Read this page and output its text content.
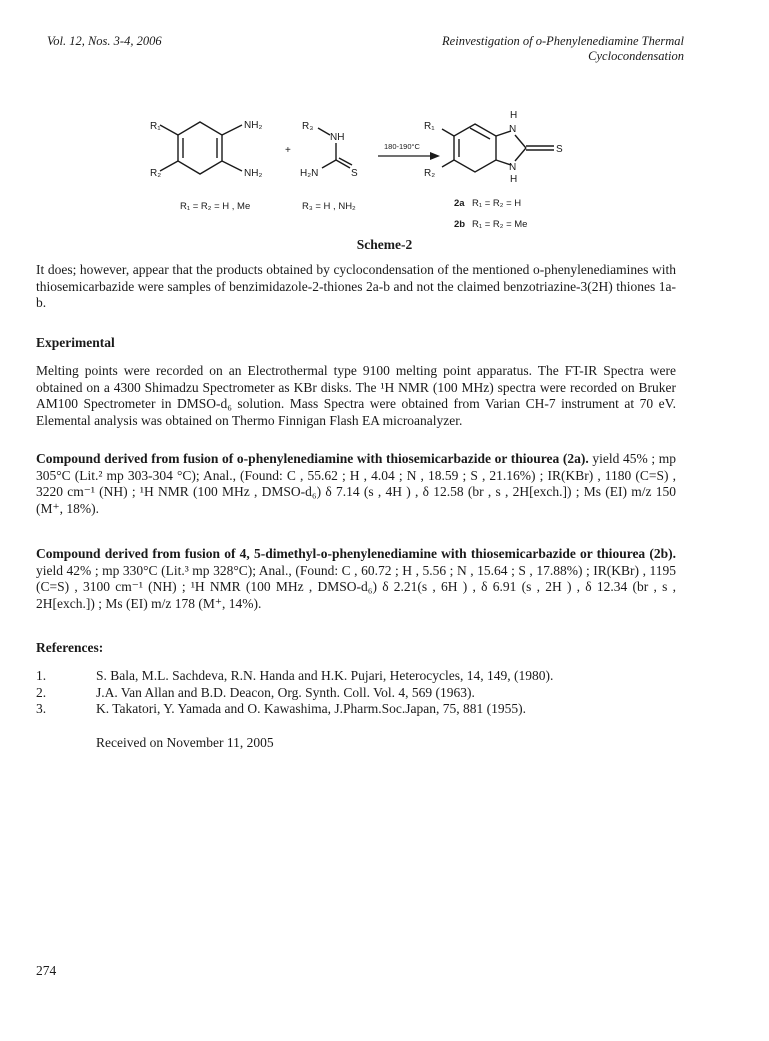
Vol. 12, Nos. 3-4, 2006	Reinvestigation of o-Phenylenediamine Thermal
Cyclocondensation
R₁
R₂
NH₂
NH₂
+
R₃
NH
H₂N	S
180-190°C
H
N
N
H
S
R₁
R₂
R₁ = R₂ = H , Me	R₃ = H , NH₂	2a R₁ = R₂ = H
2b R₁ = R₂ = Me
Scheme-2

It does; however, appear that the products obtained by cyclocondensation of the mentioned o-phenylenediamines with thiosemicarbazide were samples of benzimidazole-2-thiones 2a-b and not the claimed benzotriazine-3(2H) thiones 1a-b.

Experimental

Melting points were recorded on an Electrothermal type 9100 melting point apparatus. The FT-IR Spectra were obtained on a 4300 Shimadzu Spectrometer as KBr disks. The ¹H NMR (100 MHz) spectra were recorded on Bruker AM100 Spectrometer in DMSO-d₆ solution. Mass Spectra were obtained from Varian CH-7 instrument at 70 eV. Elemental analysis was obtained on Thermo Finnigan Flash EA microanalyzer.

Compound derived from fusion of o-phenylenediamine with thiosemicarbazide or thiourea (2a). yield 45% ; mp 305°C (Lit.² mp 303-304 °C); Anal., (Found: C , 55.62 ; H , 4.04 ; N , 18.59 ; S , 21.16%) ; IR(KBr) , 1180 (C=S) , 3220 cm⁻¹ (NH) ; ¹H NMR (100 MHz , DMSO-d₆) δ 7.14 (s , 4H ) , δ 12.58 (br , s , 2H[exch.]) ; Ms (EI) m/z 150 (M⁺, 18%).
Compound derived from fusion of 4, 5-dimethyl-o-phenylenediamine with thiosemicarbazide or thiourea (2b). yield 42% ; mp 330°C (Lit.³ mp 328°C); Anal., (Found: C , 60.72 ; H , 5.56 ; N , 15.64 ; S , 17.88%) ; IR(KBr) , 1195 (C=S) , 3100 cm⁻¹ (NH) ; ¹H NMR (100 MHz , DMSO-d₆) δ 2.21(s , 6H ) , δ 6.91 (s , 2H ) , δ 12.34 (br , s , 2H[exch.]) ; Ms (EI) m/z 178 (M⁺, 14%).
References:
1.	S. Bala, M.L. Sachdeva, R.N. Handa and H.K. Pujari, Heterocycles, 14, 149, (1980).
2.	J.A. Van Allan and B.D. Deacon, Org. Synth. Coll. Vol. 4, 569 (1963).
3.	K. Takatori, Y. Yamada and O. Kawashima, J.Pharm.Soc.Japan, 75, 881 (1955).
Received on November 11, 2005
274
